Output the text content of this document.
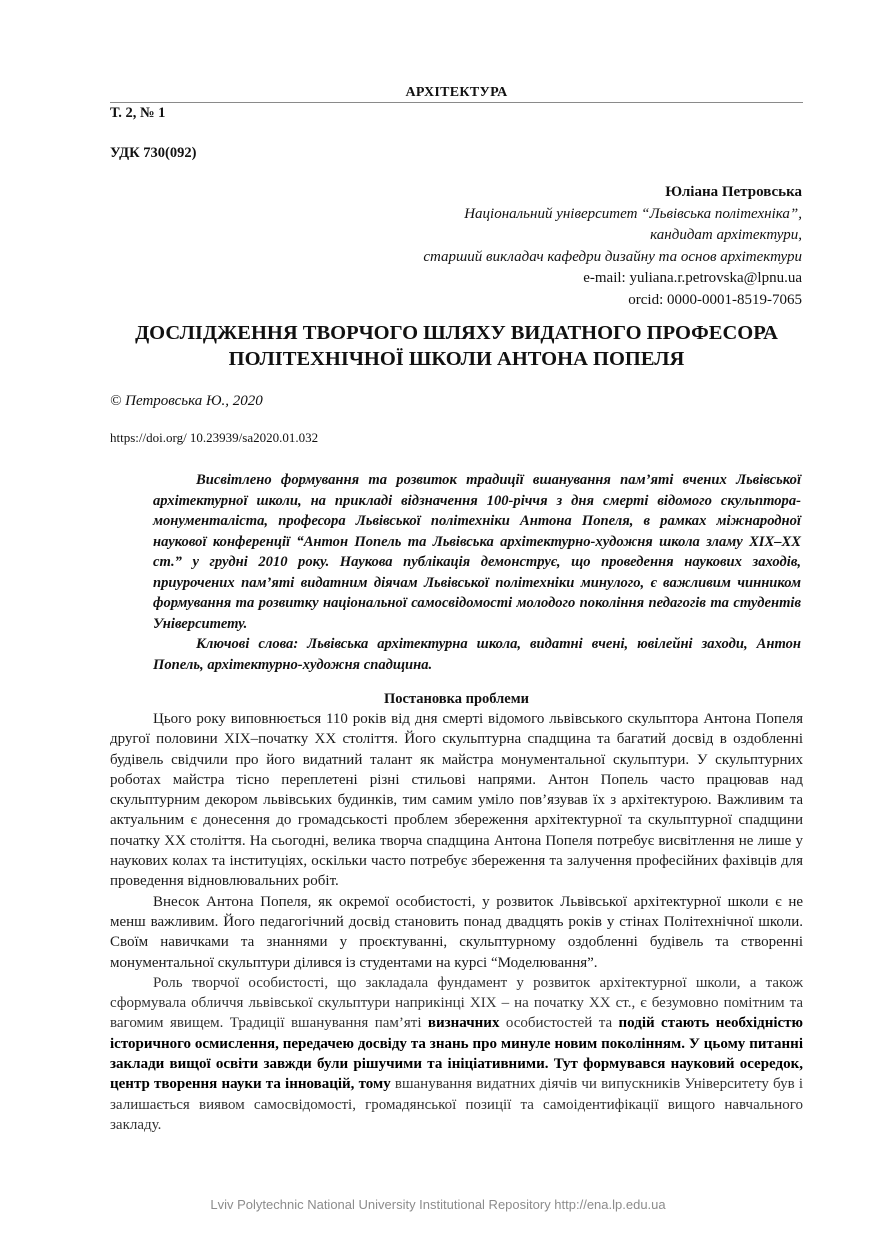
АРХІТЕКТУРА
Т. 2, № 1
УДК 730(092)
Юліана Петровська
Національний університет “Львівська політехніка”,
кандидат архітектури,
старший викладач кафедри дизайну та основ архітектури
e-mail: yuliana.r.petrovska@lpnu.ua
orcid: 0000-0001-8519-7065
ДОСЛІДЖЕННЯ ТВОРЧОГО ШЛЯХУ ВИДАТНОГО ПРОФЕСОРА
ПОЛІТЕХНІЧНОЇ ШКОЛИ АНТОНА ПОПЕЛЯ
© Петровська Ю., 2020
https://doi.org/ 10.23939/sa2020.01.032

Висвітлено формування та розвиток традиції вшанування пам’яті вчених Львівської архітектурної школи, на прикладі відзначення 100-річчя з дня смерті відомого скульптора-монументаліста, професора Львівської політехніки Антона Попеля, в рамках міжнародної наукової конференції “Антон Попель та Львівська архітектурно-художня школа зламу XIX–XX ст.” у грудні 2010 року. Наукова публікація демонструє, що проведення наукових заходів, приурочених пам’яті видатним діячам Львівської політехніки минулого, є важливим чинником формування та розвитку національної самосвідомості молодого покоління педагогів та студентів Університету.

Ключові слова: Львівська архітектурна школа, видатні вчені, ювілейні заходи, Антон Попель, архітектурно-художня спадщина.

Постановка проблеми

Цього року виповнюється 110 років від дня смерті відомого львівського скульптора Антона Попеля другої половини XIX–початку XX століття. Його скульптурна спадщина та багатий досвід в оздобленні будівель свідчили про його видатний талант як майстра монументальної скульптури. У скульптурних роботах майстра тісно переплетені різні стильові напрями. Антон Попель часто працював над скульптурним декором львівських будинків, тим самим уміло пов’язував їх з архітектурою. Важливим та актуальним є донесення до громадськості проблем збереження архітектурної та скульптурної спадщини початку XX століття. На сьогодні, велика творча спадщина Антона Попеля потребує висвітлення не лише у наукових колах та інституціях, оскільки часто потребує збереження та залучення професійних фахівців для проведення відновлювальних робіт.

Внесок Антона Попеля, як окремої особистості, у розвиток Львівської архітектурної школи є не менш важливим. Його педагогічний досвід становить понад двадцять років у стінах Політехнічної школи. Своїм навичками та знаннями у проєктуванні, скульптурному оздобленні будівель та створенні монументальної скульптури ділився із студентами на курсі “Моделювання”.

Роль творчої особистості, що закладала фундамент у розвиток архітектурної школи, а також сформувала обличчя львівської скульптури наприкінці XIX – на початку XX ст., є безумовно помітним та вагомим явищем. Традиції вшанування пам’яті визначних особистостей та подій стають необхідністю історичного осмислення, передачею досвіду та знань про минуле новим поколінням. У цьому питанні заклади вищої освіти завжди були рішучими та ініціативними. Тут формувався науковий осередок, центр творення науки та інновацій, тому вшанування видатних діячів чи випускників Університету був і залишається виявом самосвідомості, громадянської позиції та самоідентифікації вищого навчального закладу.

Lviv Polytechnic National University Institutional Repository http://ena.lp.edu.ua
